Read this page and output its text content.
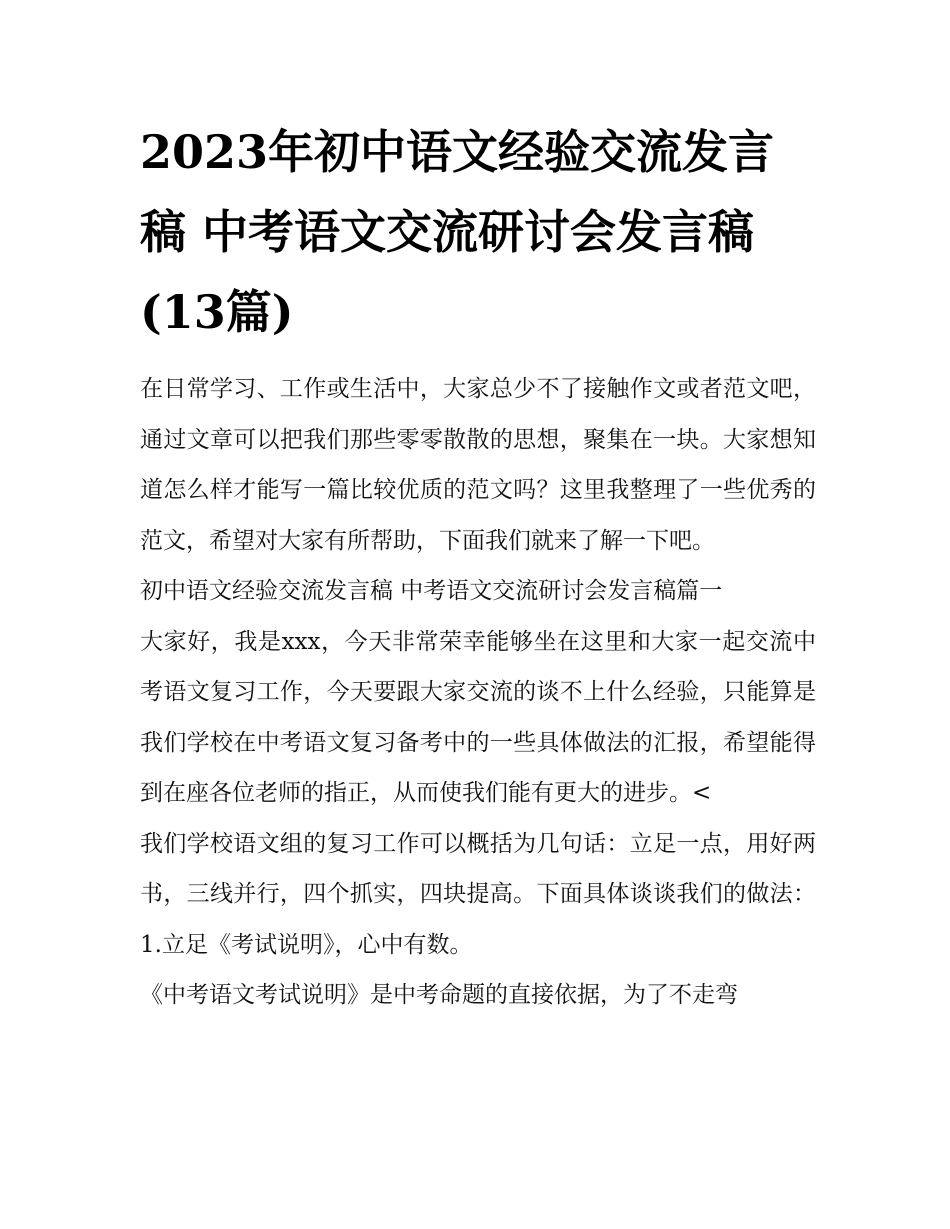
2023年初中语文经验交流发言稿 中考语文交流研讨会发言稿(13篇)

在日常学习、工作或生活中，大家总少不了接触作文或者范文吧，通过文章可以把我们那些零零散散的思想，聚集在一块。大家想知道怎么样才能写一篇比较优质的范文吗？这里我整理了一些优秀的范文，希望对大家有所帮助，下面我们就来了解一下吧。

初中语文经验交流发言稿 中考语文交流研讨会发言稿篇一

大家好，我是xxx，今天非常荣幸能够坐在这里和大家一起交流中考语文复习工作，今天要跟大家交流的谈不上什么经验，只能算是我们学校在中考语文复习备考中的一些具体做法的汇报，希望能得到在座各位老师的指正，从而使我们能有更大的进步。<

我们学校语文组的复习工作可以概括为几句话：立足一点，用好两书，三线并行，四个抓实，四块提高。下面具体谈谈我们的做法： 1.立足《考试说明》，心中有数。

《中考语文考试说明》是中考命题的直接依据，为了不走弯
